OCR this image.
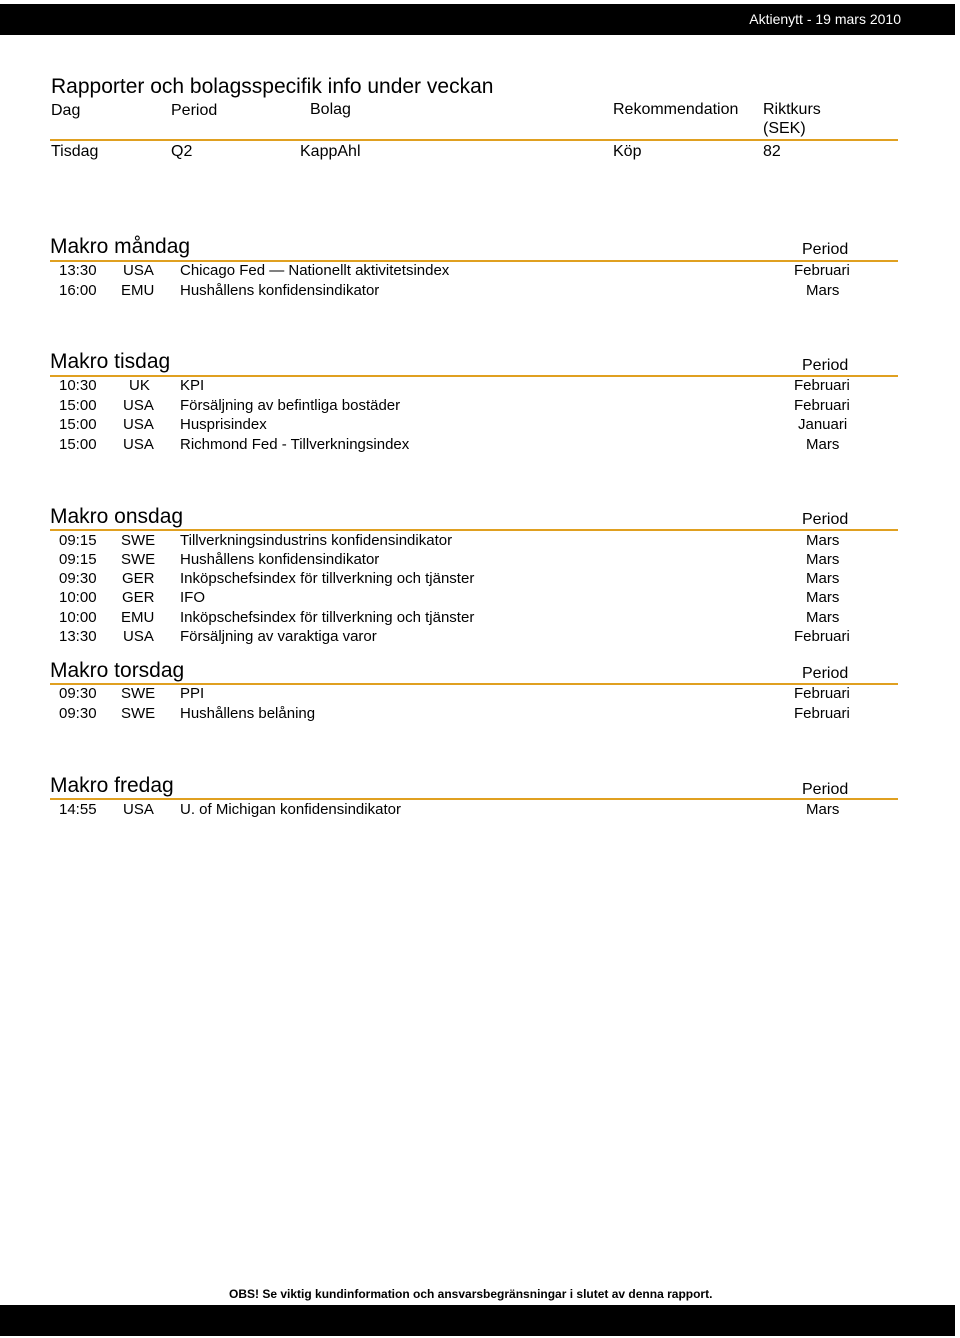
Aktienytt - 19 mars 2010
Rapporter och bolagsspecifik info under veckan
Dag	Period	Bolag	Rekommendation Riktkurs
(SEK)
Tisdag	Q2	KappAhl	Köp	82
Makro måndag	Period
13:30 USA Chicago Fed — Nationellt aktivitetsindex	Februari
16:00 EMU Hushållens konfidensindikator	Mars
Makro tisdag	Period
10:30 UK KPI	Februari
15:00 USA Försäljning av befintliga bostäder	Februari
15:00 USA Husprisindex	Januari
15:00 USA Richmond Fed - Tillverkningsindex	Mars
Makro onsdag	Period
09:15 SWE Tillverkningsindustrins konfidensindikator	Mars
09:15 SWE Hushållens konfidensindikator	Mars
09:30 GER Inköpschefsindex för tillverkning och tjänster	Mars
10:00 GER IFO	Mars
10:00 EMU Inköpschefsindex för tillverkning och tjänster	Mars
13:30 USA Försäljning av varaktiga varor	Februari
Makro torsdag	Period
09:30 SWE PPI	Februari
09:30 SWE Hushållens belåning	Februari
Makro fredag	Period
14:55 USA U. of Michigan konfidensindikator	Mars
OBS! Se viktig kundinformation och ansvarsbegränsningar i slutet av denna rapport.
Aktieanalys — Swedbank Markets	7
